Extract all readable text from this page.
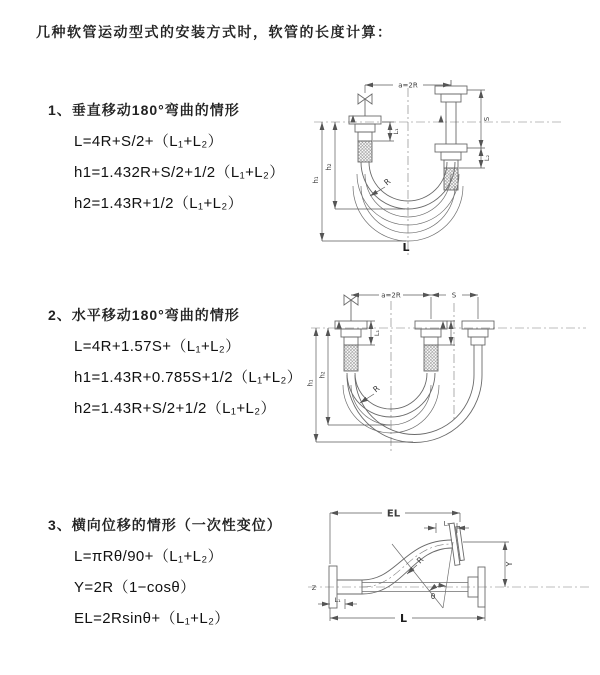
几种软管运动型式的安装方式时，软管的长度计算：
1、垂直移动180°弯曲的情形
L=4R+S/2+（L₁+L₂）
h1=1.432R+S/2+1/2（L₁+L₂）
h2=1.43R+1/2（L₁+L₂）
2、水平移动180°弯曲的情形
L=4R+1.57S+（L₁+L₂）
h1=1.43R+0.785S+1/2（L₁+L₂）
h2=1.43R+S/2+1/2（L₁+L₂）
3、横向位移的情形（一次性变位）
L=πRθ/90+（L₁+L₂）
Y=2R（1−cosθ）
EL=2Rsinθ+（L₁+L₂）
a=2R
S
L₂
L₁
h₁
h₂
R
L
a=2R	S
L₁
h₁
h₂
R
θ
R
EL
L₂
Y
L
L₁
Z
